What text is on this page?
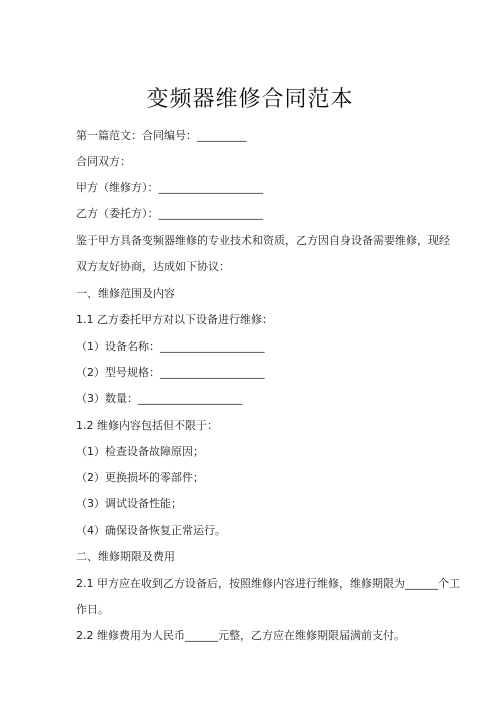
变频器维修合同范本
第一篇范文：合同编号：_________
合同双方：
甲方（维修方）：___________________
乙方（委托方）：___________________
鉴于甲方具备变频器维修的专业技术和资质，乙方因自身设备需要维修，现经
双方友好协商，达成如下协议：
一、维修范围及内容
1.1 乙方委托甲方对以下设备进行维修：
（1）设备名称：___________________
（2）型号规格：___________________
（3）数量：___________________
1.2 维修内容包括但不限于：
（1）检查设备故障原因；
（2）更换损坏的零部件；
（3）调试设备性能；
（4）确保设备恢复正常运行。
二、维修期限及费用
2.1 甲方应在收到乙方设备后，按照维修内容进行维修，维修期限为______个工
作日。
2.2 维修费用为人民币______元整，乙方应在维修期限届满前支付。
